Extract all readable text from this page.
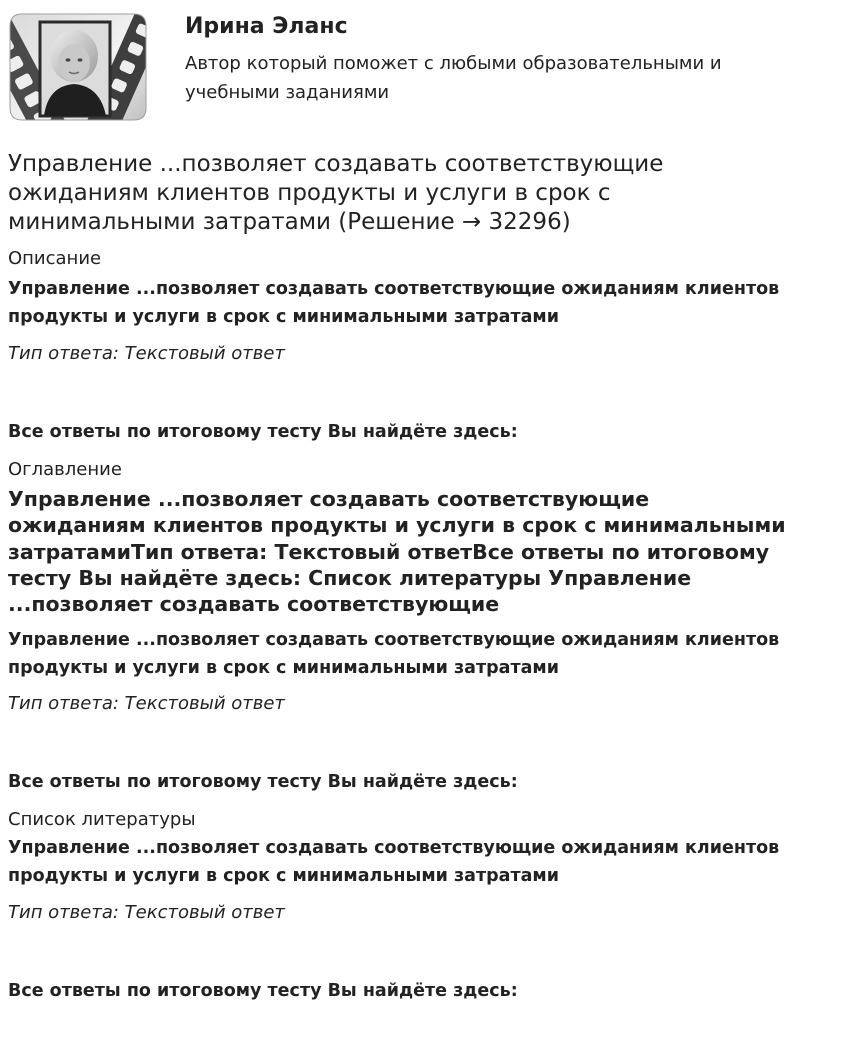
Ирина Эланс

Автор который поможет с любыми образовательными и учебными заданиями

Управление ...позволяет создавать соответствующие ожиданиям клиентов продукты и услуги в срок с минимальными затратами (Решение → 32296)

Описание

Управление ...позволяет создавать соответствующие ожиданиям клиентов продукты и услуги в срок с минимальными затратами

Тип ответа: Текстовый ответ

Все ответы по итоговому тесту Вы найдёте здесь:

Оглавление

Управление ...позволяет создавать соответствующие ожиданиям клиентов продукты и услуги в срок с минимальными затратамиТип ответа: Текстовый ответВсе ответы по итоговому тесту Вы найдёте здесь: Список литературы Управление ...позволяет создавать соответствующие

Управление ...позволяет создавать соответствующие ожиданиям клиентов продукты и услуги в срок с минимальными затратами

Тип ответа: Текстовый ответ

Все ответы по итоговому тесту Вы найдёте здесь:

Список литературы

Управление ...позволяет создавать соответствующие ожиданиям клиентов продукты и услуги в срок с минимальными затратами

Тип ответа: Текстовый ответ

Все ответы по итоговому тесту Вы найдёте здесь:
